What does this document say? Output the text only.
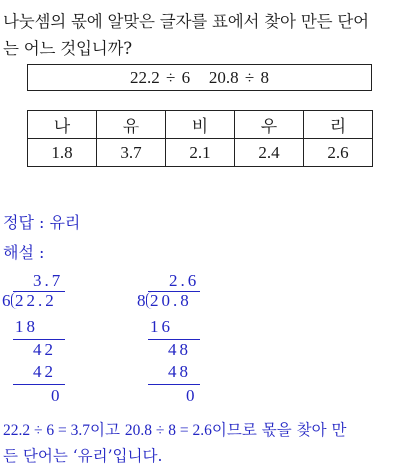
나눗셈의 몫에 알맞은 글자를 표에서 찾아 만든 단어
는 어느 것입니까?
22.2 ÷ 6   20.8 ÷ 8
나	유	비	우	리
1.8	3.7	2.1	2.4	2.6
정답 : 유리
해설 :
3.7
6 22.2
18
42
42
0
2.6
8 20.8
16
48
48
0
22.2 ÷ 6 = 3.7이고 20.8 ÷ 8 = 2.6이므로 몫을 찾아 만
든 단어는 ‘유리’입니다.
